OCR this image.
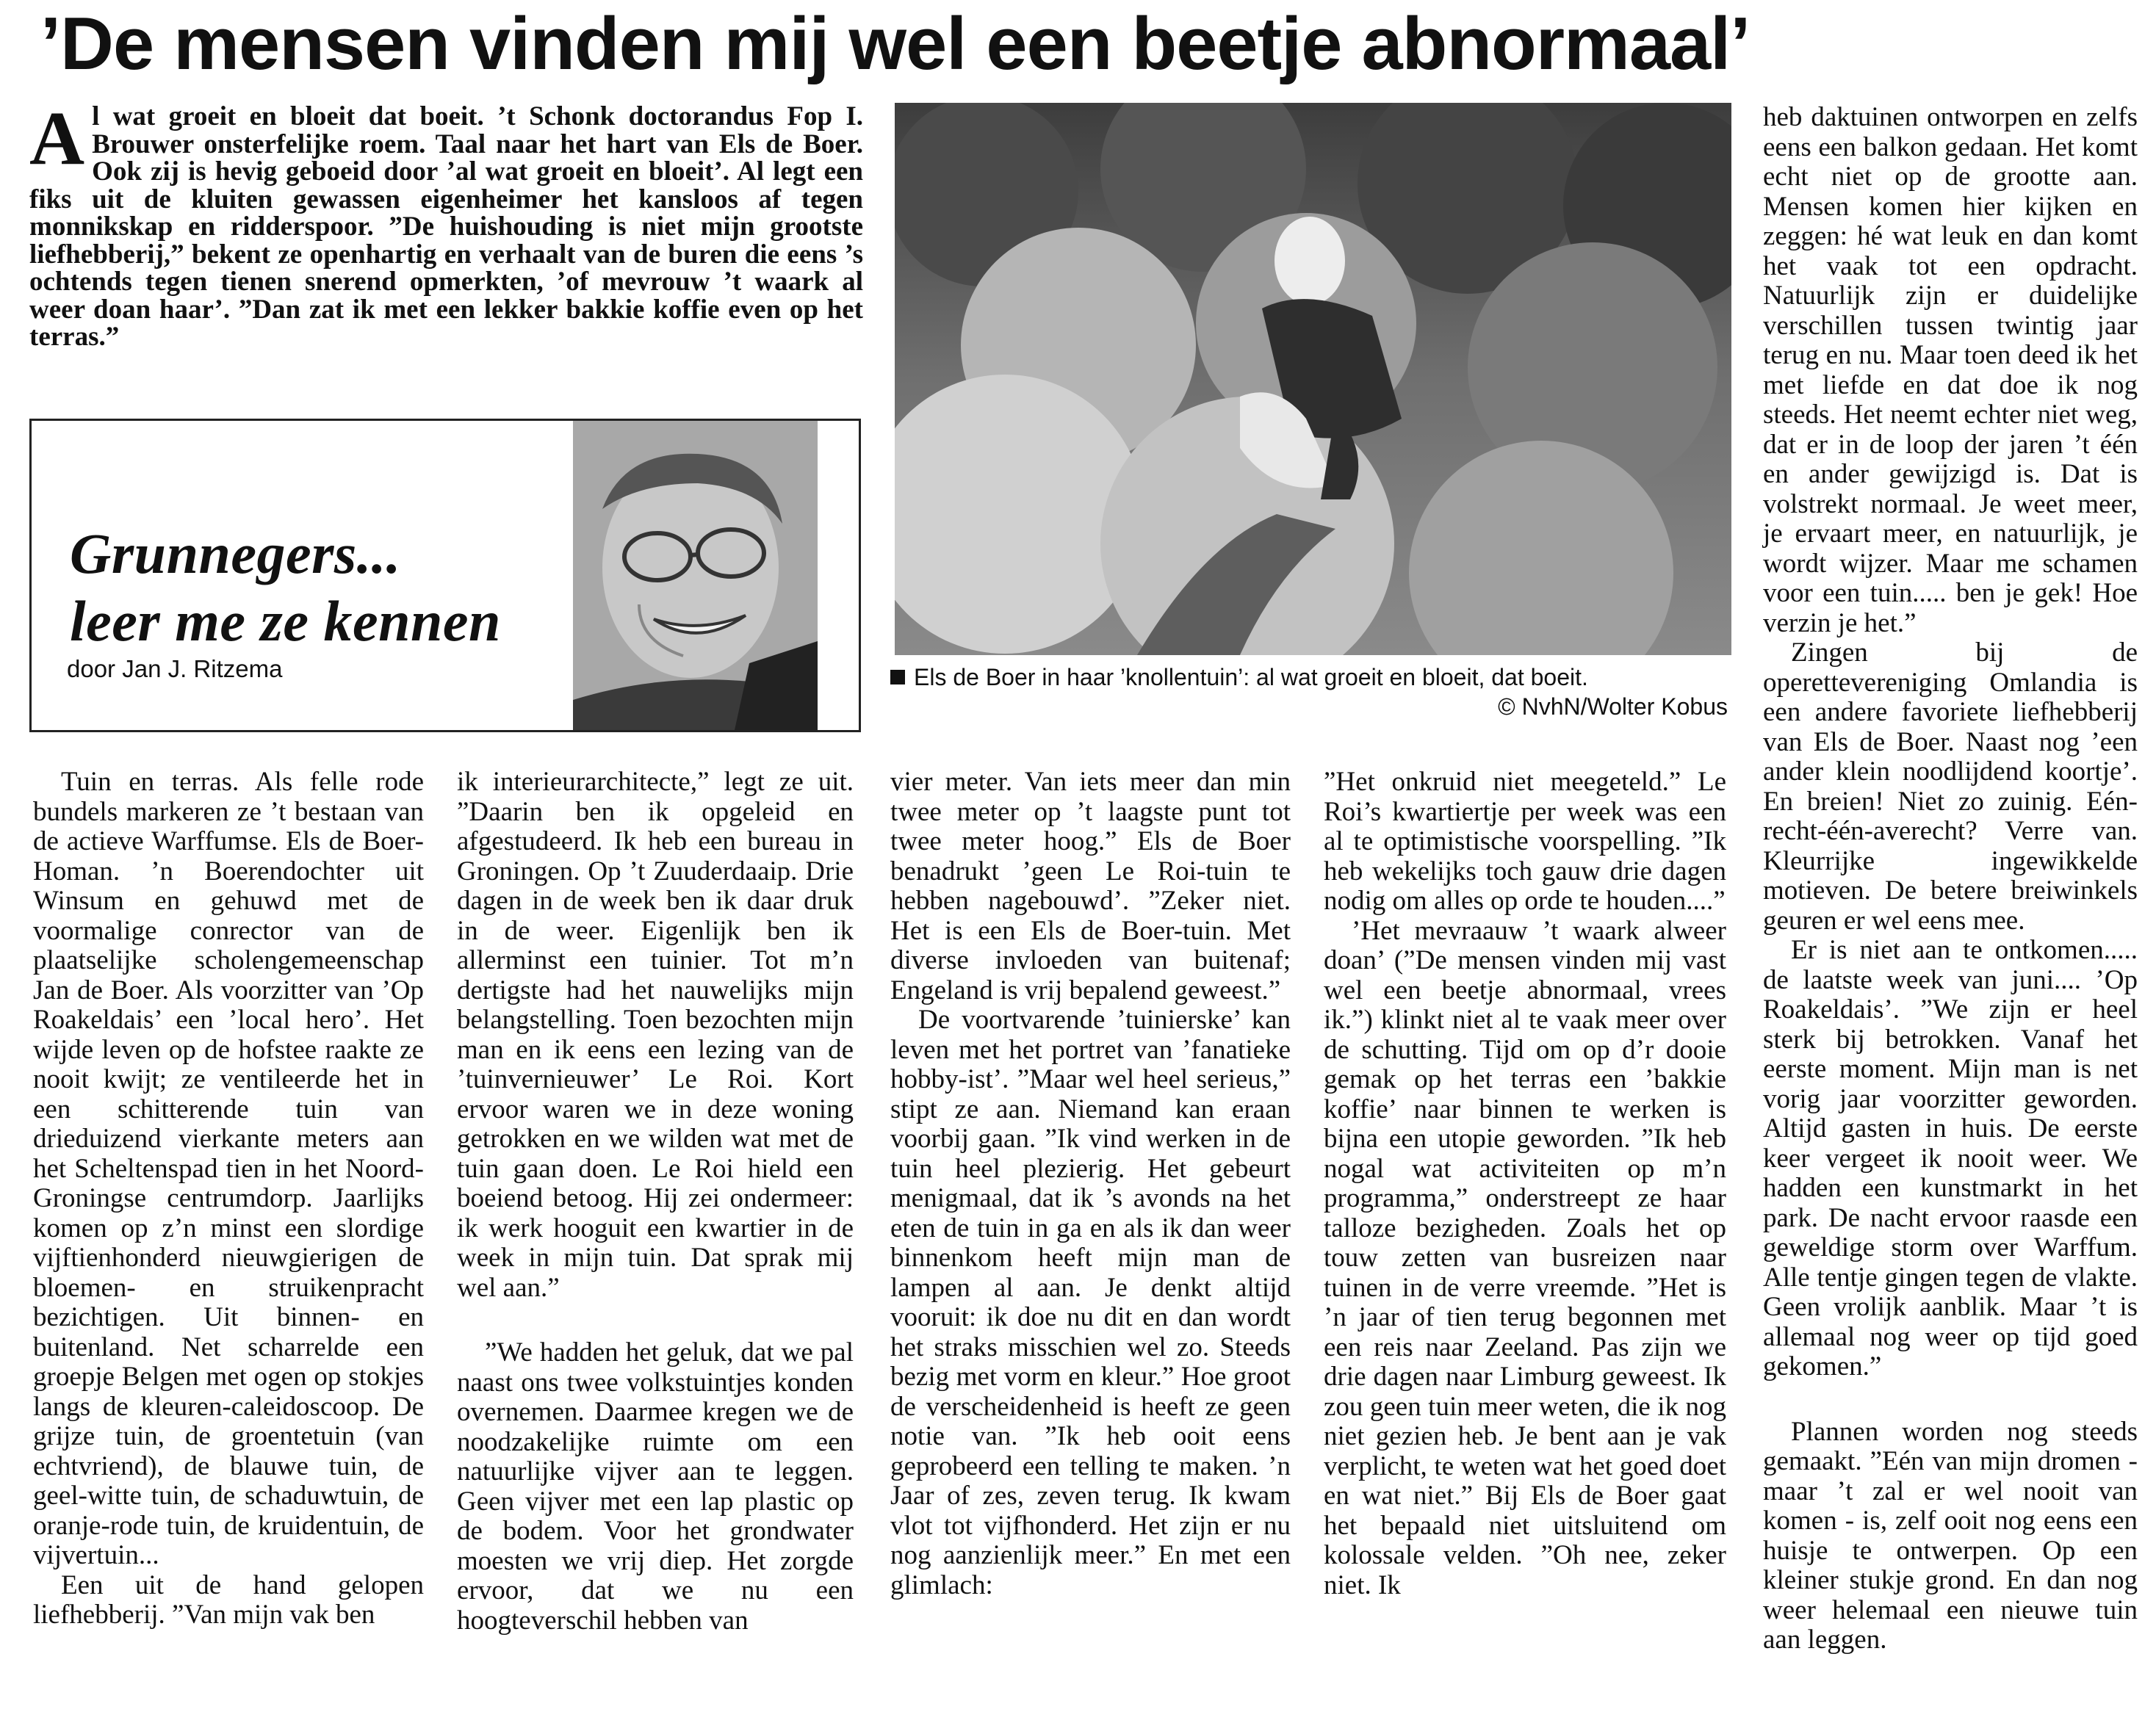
’De mensen vinden mij wel een beetje abnormaal’

Al wat groeit en bloeit dat boeit. ’t Schonk doctorandus Fop I. Brouwer onsterfelijke roem. Taal naar het hart van Els de Boer. Ook zij is hevig geboeid door ’al wat groeit en bloeit’. Al legt een fiks uit de kluiten gewassen eigenheimer het kansloos af tegen monnikskap en ridderspoor. ”De huishouding is niet mijn grootste liefhebberij,” bekent ze openhartig en verhaalt van de buren die eens ’s ochtends tegen tienen snerend opmerkten, ’of mevrouw ’t waark al weer doan haar’. ”Dan zat ik met een lekker bakkie koffie even op het terras.”

Grunnegers...
leer me ze kennen

door Jan J. Ritzema	Els de Boer in haar ’knollentuin’: al wat groeit en bloeit, dat boeit.
© NvhN/Wolter Kobus

Tuin en terras. Als felle rode bundels markeren ze ’t bestaan van de actieve Warffumse. Els de Boer-Homan. ’n Boerendochter uit Winsum en gehuwd met de voormalige conrector van de plaatselijke scholengemeenschap Jan de Boer. Als voorzitter van ’Op Roakeldais’ een ’local hero’. Het wijde leven op de hofstee raakte ze nooit kwijt; ze ventileerde het in een schitterende tuin van drieduizend vierkante meters aan het Scheltenspad tien in het Noord-Groningse centrumdorp. Jaarlijks komen op z’n minst een slordige vijftienhonderd nieuwgierigen de bloemen- en struikenpracht bezichtigen. Uit binnen- en buitenland. Net scharrelde een groepje Belgen met ogen op stokjes langs de kleuren-caleidoscoop. De grijze tuin, de groentetuin (van echtvriend), de blauwe tuin, de geel-witte tuin, de schaduwtuin, de oranje-rode tuin, de kruidentuin, de vijvertuin...

Een uit de hand gelopen liefhebberij. ”Van mijn vak ben

ik interieurarchitecte,” legt ze uit. ”Daarin ben ik opgeleid en afgestudeerd. Ik heb een bureau in Groningen. Op ’t Zuuderdaaip. Drie dagen in de week ben ik daar druk in de weer. Eigenlijk ben ik allerminst een tuinier. Tot m’n dertigste had het nauwelijks mijn belangstelling. Toen bezochten mijn man en ik eens een lezing van de ’tuinvernieuwer’ Le Roi. Kort ervoor waren we in deze woning getrokken en we wilden wat met de tuin gaan doen. Le Roi hield een boeiend betoog. Hij zei ondermeer: ik werk hooguit een kwartier in de week in mijn tuin. Dat sprak mij wel aan.”

”We hadden het geluk, dat we pal naast ons twee volkstuintjes konden overnemen. Daarmee kregen we de noodzakelijke ruimte om een natuurlijke vijver aan te leggen. Geen vijver met een lap plastic op de bodem. Voor het grondwater moesten we vrij diep. Het zorgde ervoor, dat we nu een hoogteverschil hebben van

vier meter. Van iets meer dan min twee meter op ’t laagste punt tot twee meter hoog.” Els de Boer benadrukt ’geen Le Roi-tuin te hebben nagebouwd’. ”Zeker niet. Het is een Els de Boer-tuin. Met diverse invloeden van buitenaf; Engeland is vrij bepalend geweest.”

De voortvarende ’tuinierske’ kan leven met het portret van ’fanatieke hobby-ist’. ”Maar wel heel serieus,” stipt ze aan. Niemand kan eraan voorbij gaan. ”Ik vind werken in de tuin heel plezierig. Het gebeurt menigmaal, dat ik ’s avonds na het eten de tuin in ga en als ik dan weer binnenkom heeft mijn man de lampen al aan. Je denkt altijd vooruit: ik doe nu dit en dan wordt het straks misschien wel zo. Steeds bezig met vorm en kleur.” Hoe groot de verscheidenheid is heeft ze geen notie van. ”Ik heb ooit eens geprobeerd een telling te maken. ’n Jaar of zes, zeven terug. Ik kwam vlot tot vijfhonderd. Het zijn er nu nog aanzienlijk meer.” En met een glimlach:

”Het onkruid niet meegeteld.” Le Roi’s kwartiertje per week was een al te optimistische voorspelling. ”Ik heb wekelijks toch gauw drie dagen nodig om alles op orde te houden....”

’Het mevraauw ’t waark alweer doan’ (”De mensen vinden mij vast wel een beetje abnormaal, vrees ik.”) klinkt niet al te vaak meer over de schutting. Tijd om op d’r dooie gemak op het terras een ’bakkie koffie’ naar binnen te werken is bijna een utopie geworden. ”Ik heb nogal wat activiteiten op m’n programma,” onderstreept ze haar talloze bezigheden. Zoals het op touw zetten van busreizen naar tuinen in de verre vreemde. ”Het is ’n jaar of tien terug begonnen met een reis naar Zeeland. Pas zijn we drie dagen naar Limburg geweest. Ik zou geen tuin meer weten, die ik nog niet gezien heb. Je bent aan je vak verplicht, te weten wat het goed doet en wat niet.” Bij Els de Boer gaat het bepaald niet uitsluitend om kolossale velden. ”Oh nee, zeker niet. Ik

heb daktuinen ontworpen en zelfs eens een balkon gedaan. Het komt echt niet op de grootte aan. Mensen komen hier kijken en zeggen: hé wat leuk en dan komt het vaak tot een opdracht. Natuurlijk zijn er duidelijke verschillen tussen twintig jaar terug en nu. Maar toen deed ik het met liefde en dat doe ik nog steeds. Het neemt echter niet weg, dat er in de loop der jaren ’t één en ander gewijzigd is. Dat is volstrekt normaal. Je weet meer, je ervaart meer, en natuurlijk, je wordt wijzer. Maar me schamen voor een tuin..... ben je gek! Hoe verzin je het.”

Zingen bij de operettevereniging Omlandia is een andere favoriete liefhebberij van Els de Boer. Naast nog ’een ander klein noodlijdend koortje’. En breien! Niet zo zuinig. Eén-recht-één-averecht? Verre van. Kleurrijke ingewikkelde motieven. De betere breiwinkels geuren er wel eens mee.

Er is niet aan te ontkomen..... de laatste week van juni.... ’Op Roakeldais’. ”We zijn er heel sterk bij betrokken. Vanaf het eerste moment. Mijn man is net vorig jaar voorzitter geworden. Altijd gasten in huis. De eerste keer vergeet ik nooit weer. We hadden een kunstmarkt in het park. De nacht ervoor raasde een geweldige storm over Warffum. Alle tentje gingen tegen de vlakte. Geen vrolijk aanblik. Maar ’t is allemaal nog weer op tijd goed gekomen.”

Plannen worden nog steeds gemaakt. ”Eén van mijn dromen - maar ’t zal er wel nooit van komen - is, zelf ooit nog eens een huisje te ontwerpen. Op een kleiner stukje grond. En dan nog weer helemaal een nieuwe tuin aan leggen.
